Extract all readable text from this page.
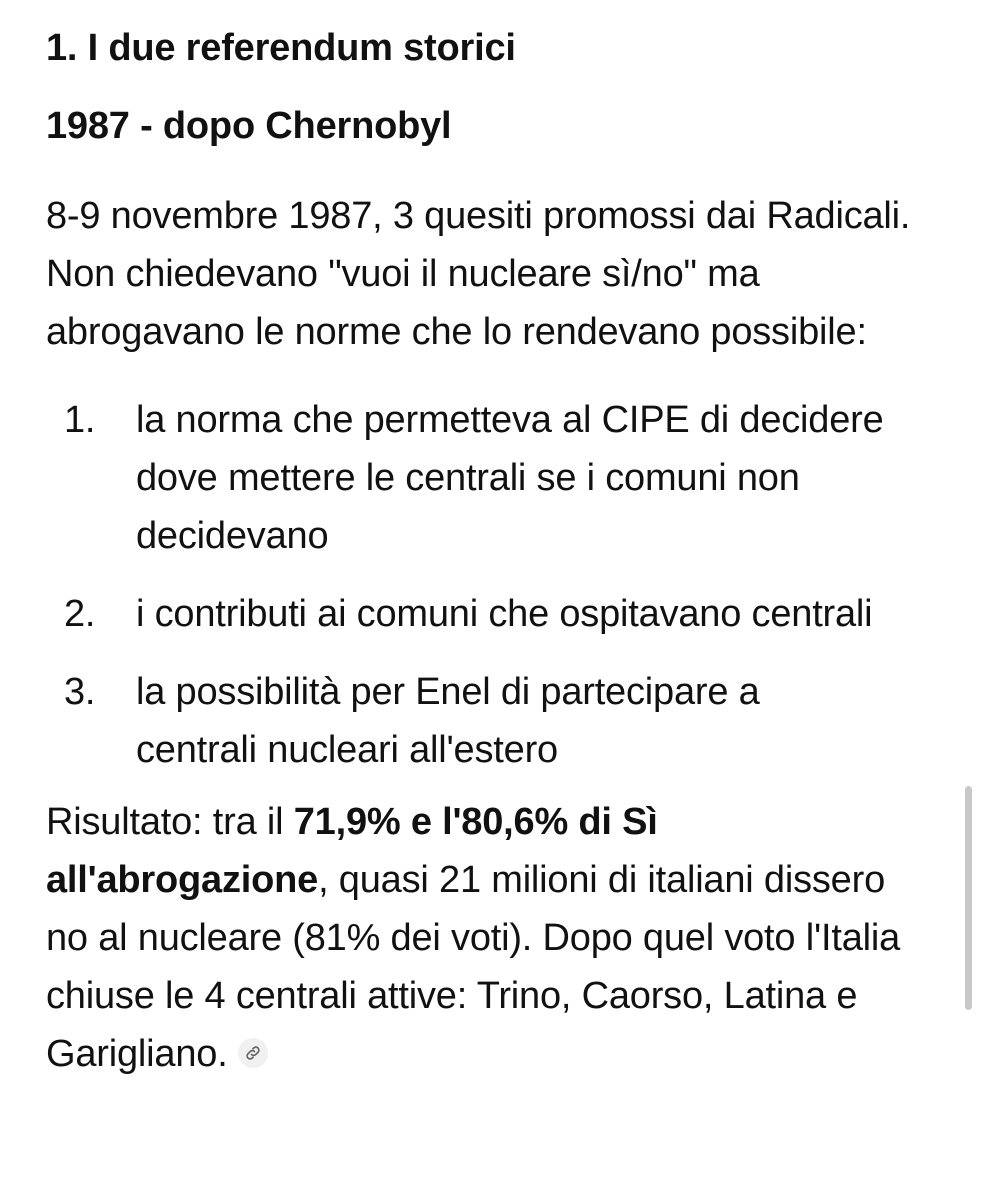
1. I due referendum storici
1987 - dopo Chernobyl

8-9 novembre 1987, 3 quesiti promossi dai Radicali. Non chiedevano "vuoi il nucleare sì/no" ma abrogavano le norme che lo rendevano possibile:

1.	la norma che permetteva al CIPE di decidere dove mettere le centrali se i comuni non decidevano
2.	i contributi ai comuni che ospitavano centrali
3.	la possibilità per Enel di partecipare a centrali nucleari all'estero

Risultato: tra il 71,9% e l'80,6% di Sì all'abrogazione, quasi 21 milioni di italiani dissero no al nucleare (81% dei voti). Dopo quel voto l'Italia chiuse le 4 centrali attive: Trino, Caorso, Latina e Garigliano.
